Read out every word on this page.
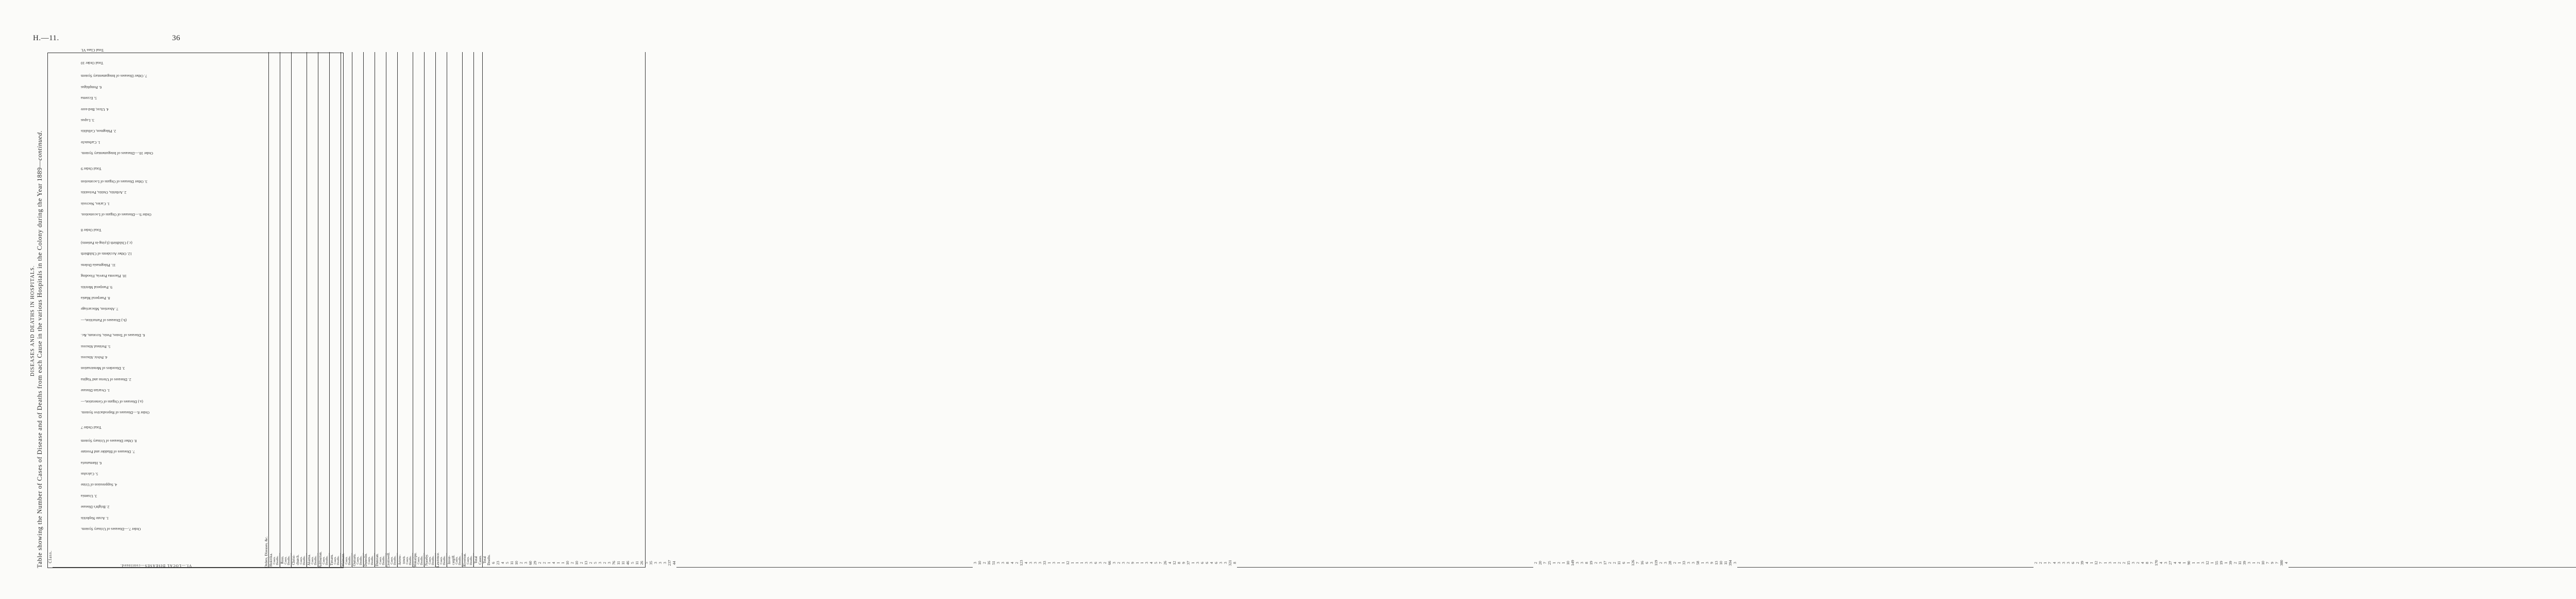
H.—11.	36
DISEASES AND DEATHS IN HOSPITALS.
Table showing the Number of Cases of Disease and of Deaths from each Cause in the various Hospitals in the Colony during the Year 1889—continued.
Class.
VI.—LOCAL DISEASES—continued.	Orders, Diseases, &c. Hokitika. Cases. Deaths. Ross. Cases. Deaths. Christ-church. Cases. Deaths. Akaroa. Cases. Deaths. Ashburton. Cases. Deaths. Timaru. Cases. Deaths. Waimate. Cases. Deaths. Oamaru. Cases. Deaths. Dunedin. Cases. Deaths. Dunstan. Cases. Deaths. Cromwell. Cases. Deaths. Arrow-town. Cases. Deaths. Wakatipu. Cases. Deaths. Naseby. Cases. Deaths. Lawrence. Cases. Deaths. Inver-cargill. Cases. Deaths. Riverton. Cases. Deaths. Total Cases. Total Deaths.
Order 7.—Diseases of Urinary System.
1. Acute Nephritis
6 23 4
2. Bright's Disease
5 11 10 2 3 60 29
3. Uræmia
2 2
4. Suppression of Urine
1 4
5. Calculus
1 1 10 2
6. Hæmaturia
10
7. Diseases of Bladder and Prostate
2 13 2 5 3 2 3 76 11
8. Other Diseases of Urinary System
11 46 5
Total Order 7
11 26 5 35 3 3 3 237 44
Order 8.—Diseases of Reproductive System.
(a.) Diseases of Organs of Generation,—
1. Ovarian Disease
3 10 2 16 51 3
2. Diseases of Uterus and Vagina
3 8 4 2 123 4
3. Disorders of Menstruation
3 3 3 33
4. Pelvic Abscess
1 3 1 1 12
5. Perineal Abscess
1 1
6. Diseases of Testes, Penis, Scrotum, &c.
1 3 3 6 3 2 66
(b.) Diseases of Parturition,—
7. Abortion, Miscarriage
3
8. Puerperal Mania
9. Puerperal Metritis
2
10. Placenta Prævia, Flooding
3
11. Phlegmasia Dolens
2 9 1
12. Other Accidents of Childbirth
1 3
(c.) Childbirth (Lying-in Patients)
4 5
Total Order 8
7 26 4 12 8 9 37 1 3 6 6 4 6 3 3 321 8
Order 9.—Diseases of Organs of Locomotion.
1. Caries, Necrosis
2 20 7 25 1 2 1 10 149 3
2. Arthritis, Ostitis, Periostitis
3 8 19 2 3 17 2 2 11 6 1 126
3. Other Diseases of Organs of Locomotion
7 16 6 3 119
Total Order 9
2 3 28 2 1 33 3 3 58 1 3 9 13 10 11 394 3
Order 10.—Diseases of Integumentary System.
1. Carbuncle
2 2 1 7
2. Phlegmon, Cellulitis
4 3 3 3 6 2 39
3. Lupus
4 1 12
4. Ulcer, Bed-sore
7 1 3 1 2 2 15 3 2 4 8 7 170 4
5. Eczema
3 27 4 4 1 90
6. Pemphigus
1 1
7. Other Diseases of Integumentary System
3 12 1 55
Total Order 10
19 1 39 2 11 39 3 1 2 10 7 9 7 380 4
Total Class VI.
